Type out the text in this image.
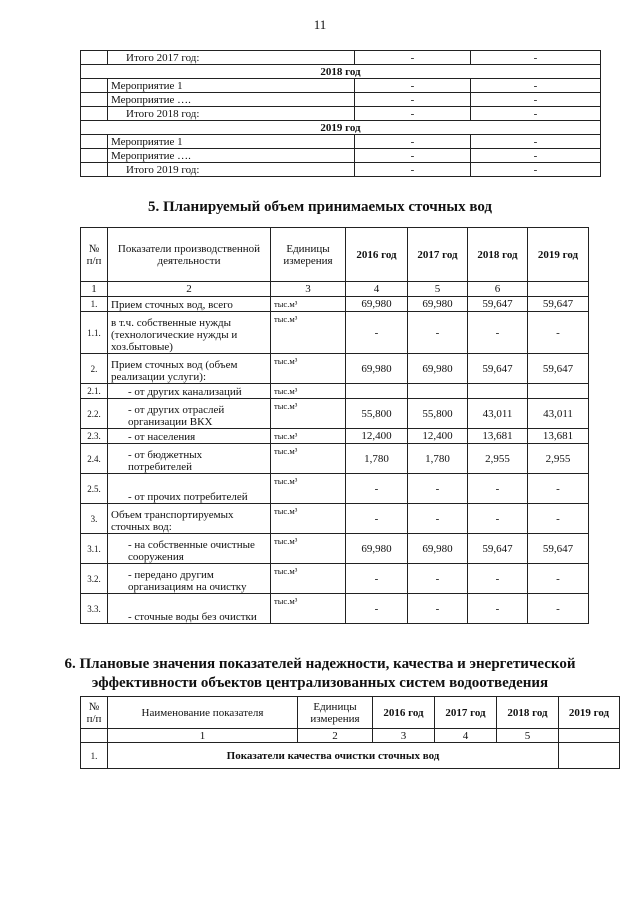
11
	Итого 2017 год:	-	-
2018 год			
	Мероприятие 1	-	-
	Мероприятие ….	-	-
	Итого 2018 год:	-	-
2019 год			
	Мероприятие 1	-	-
	Мероприятие ….	-	-
	Итого 2019 год:	-	-
5. Планируемый объем принимаемых сточных вод
№ п/п	Показатели производственной деятельности	Единицы измерения	2016 год	2017 год	2018 год	2019 год
1	2	3	4	5	6	
1.	Прием сточных вод, всего	тыс.м³	69,980	69,980	59,647	59,647
1.1.	в т.ч. собственные нужды (технологические нужды и хоз.бытовые)	тыс.м³	-	-	-	-
2.	Прием сточных вод (объем реализации услуги):	тыс.м³	69,980	69,980	59,647	59,647
2.1.	- от других канализаций	тыс.м³				
2.2.	- от других отраслей организации ВКХ	тыс.м³	55,800	55,800	43,011	43,011
2.3.	- от населения	тыс.м³	12,400	12,400	13,681	13,681
2.4.	- от бюджетных потребителей	тыс.м³	1,780	1,780	2,955	2,955
2.5.	- от прочих потребителей	тыс.м³	-	-	-	-
3.	Объем транспортируемых сточных вод:	тыс.м³	-	-	-	-
3.1.	- на собственные очистные сооружения	тыс.м³	69,980	69,980	59,647	59,647
3.2.	- передано другим организациям на очистку	тыс.м³	-	-	-	-
3.3.	- сточные воды без очистки	тыс.м³	-	-	-	-
6. Плановые значения показателей надежности, качества и энергетической
эффективности объектов централизованных систем водоотведения
№ п/п	Наименование показателя	Единицы измерения	2016 год	2017 год	2018 год	2019 год
	1	2	3	4	5	
1.	Показатели качества очистки сточных вод					
